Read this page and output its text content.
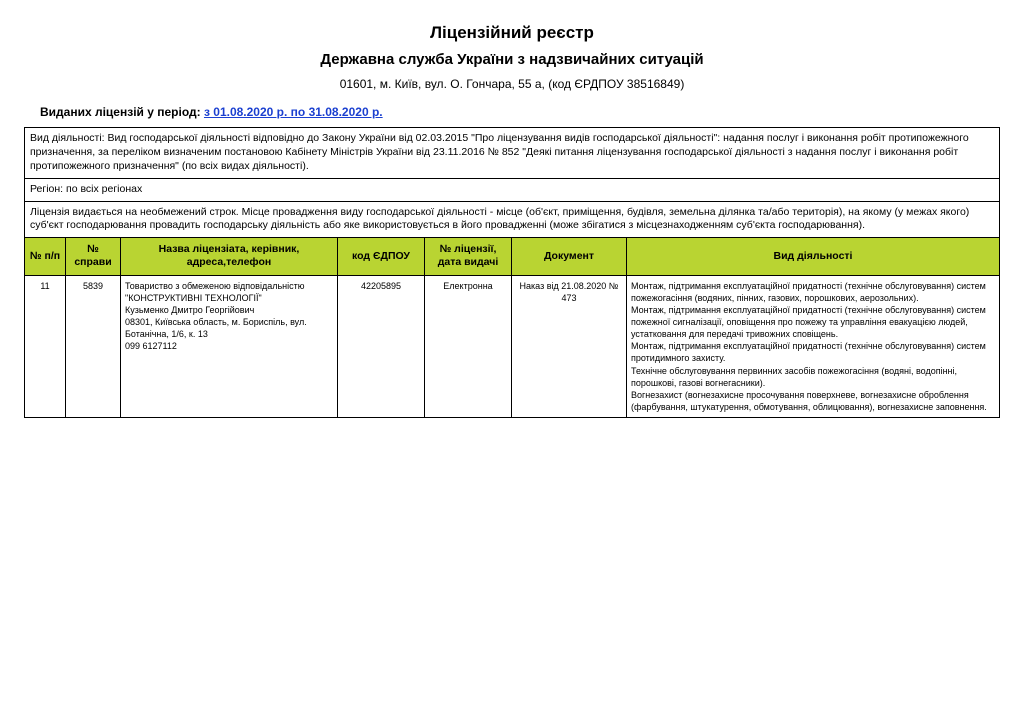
Ліцензійний реєстр
Державна служба України з надзвичайних ситуацій
01601, м. Київ, вул. О. Гончара, 55 а, (код ЄРДПОУ 38516849)
Виданих ліцензій у період: з 01.08.2020 р. по 31.08.2020 р.
Вид діяльності: Вид господарської діяльності відповідно до Закону України від 02.03.2015 "Про ліцензування видів господарської діяльності": надання послуг і виконання робіт протипожежного призначення, за переліком визначеним постановою Кабінету Міністрів України від 23.11.2016 № 852 "Деякі питання ліцензування господарської діяльності з надання послуг і виконання робіт протипожежного призначення" (по всіх видах діяльності).
Регіон: по всіх регіонах
Ліцензія видається на необмежений строк. Місце провадження виду господарської діяльності - місце (об'єкт, приміщення, будівля, земельна ділянка та/або територія), на якому (у межах якого) суб'єкт господарювання провадить господарську діяльність або яке використовується в його провадженні (може збігатися з місцезнаходженням суб'єкта господарювання).
№ п/п	№ справи	Назва ліцензіата, керівник, адреса,телефон	код ЄДПОУ	№ ліцензії, дата видачі	Документ	Вид діяльності
11	5839	Товариство з обмеженою відповідальністю "КОНСТРУКТИВНІ ТЕХНОЛОГІЇ"
Кузьменко Дмитро Георгійович
08301, Київська область, м. Бориспіль, вул. Ботанічна, 1/6, к. 13
099 6127112
	42205895	Електронна	Наказ від 21.08.2020 № 473	
Монтаж, підтримання експлуатаційної придатності (технічне обслуговування) систем пожежогасіння (водяних, пінних, газових, порошкових, аерозольних).
Монтаж, підтримання експлуатаційної придатності (технічне обслуговування) систем пожежної сигналізації, оповіщення про пожежу та управління евакуацією людей, устатковання для передачі тривожних сповіщень.
Монтаж, підтримання експлуатаційної придатності (технічне обслуговування) систем протидимного захисту.
Технічне обслуговування первинних засобів пожежогасіння (водяні, водопінні, порошкові, газові вогнегасники).
Вогнезахист (вогнезахисне просочування поверхневе, вогнезахисне оброблення (фарбування, штукатурення, обмотування, облицювання), вогнезахисне заповнення.
